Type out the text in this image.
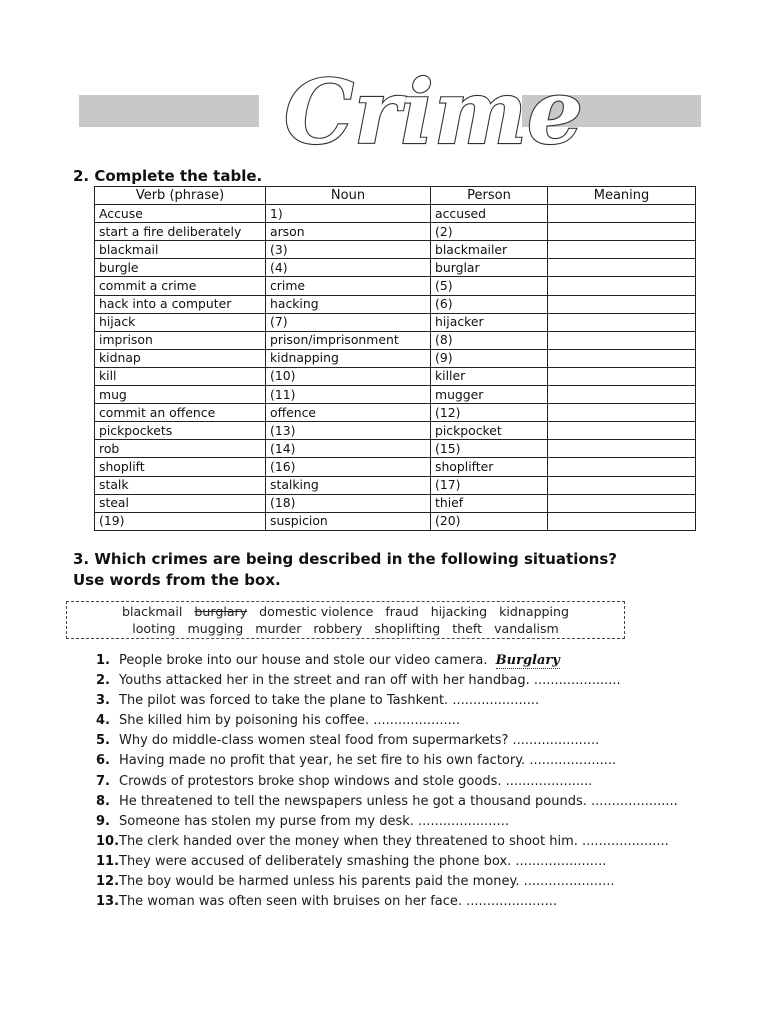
Crime
2. Complete the table.
Verb (phrase)	Noun	Person	Meaning
Accuse	1)	accused	
start a fire deliberately	arson	(2)	
blackmail	(3)	blackmailer	
burgle	(4)	burglar	
commit a crime	crime	(5)	
hack into a computer	hacking	(6)	
hijack	(7)	hijacker	
imprison	prison/imprisonment	(8)	
kidnap	kidnapping	(9)	
kill	(10)	killer	
mug	(11)	mugger	
commit an offence	offence	(12)	
pickpockets	(13)	pickpocket	
rob	(14)	(15)	
shoplift	(16)	shoplifter	
stalk	stalking	(17)	
steal	(18)	thief	
(19)	suspicion	(20)	
3. Which crimes are being described in the following situations?
Use words from the box.
blackmail burglary domestic violence fraud hijacking kidnapping
looting mugging murder robbery shoplifting theft vandalism
1. People broke into our house and stole our video camera. Burglary
2. Youths attacked her in the street and ran off with her handbag. .....................
3. The pilot was forced to take the plane to Tashkent. .....................
4. She killed him by poisoning his coffee. .....................
5. Why do middle-class women steal food from supermarkets? .....................
6. Having made no profit that year, he set fire to his own factory. .....................
7. Crowds of protestors broke shop windows and stole goods. .....................
8. He threatened to tell the newspapers unless he got a thousand pounds. .....................
9. Someone has stolen my purse from my desk. ......................
10.The clerk handed over the money when they threatened to shoot him. .....................
11.They were accused of deliberately smashing the phone box. ......................
12.The boy would be harmed unless his parents paid the money. ......................
13.The woman was often seen with bruises on her face. ......................
